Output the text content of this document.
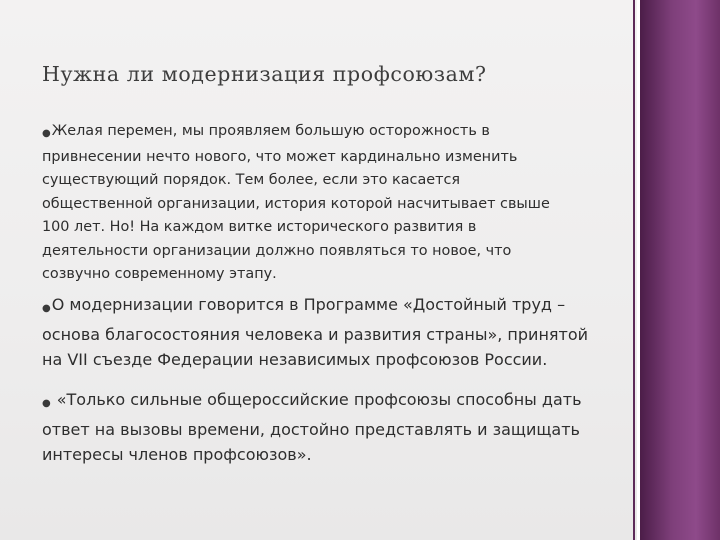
Нужна ли модернизация профсоюзам?

●Желая перемен, мы проявляем большую осторожность в привнесении нечто нового, что может кардинально изменить существующий порядок. Тем более, если это касается общественной организации, история которой насчитывает свыше 100 лет. Но! На каждом витке исторического развития в деятельности организации должно появляться то новое, что созвучно современному этапу.

●О модернизации говорится в Программе «Достойный труд – основа благосостояния человека и развития страны», принятой на VII съезде Федерации независимых профсоюзов России.

● «Только сильные общероссийские профсоюзы способны дать ответ на вызовы времени, достойно представлять и защищать интересы членов профсоюзов».
